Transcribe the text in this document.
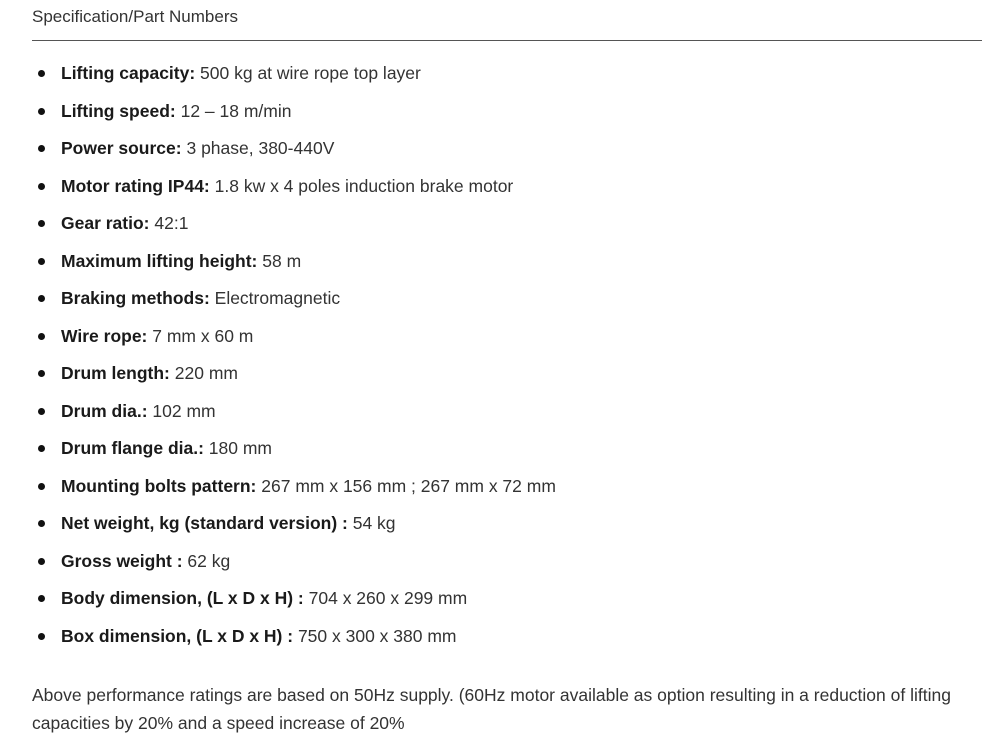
Specification/Part Numbers
Lifting capacity: 500 kg at wire rope top layer
Lifting speed: 12 – 18 m/min
Power source: 3 phase, 380-440V
Motor rating IP44: 1.8 kw x 4 poles induction brake motor
Gear ratio: 42:1
Maximum lifting height: 58 m
Braking methods: Electromagnetic
Wire rope: 7 mm x 60 m
Drum length: 220 mm
Drum dia.: 102 mm
Drum flange dia.: 180 mm
Mounting bolts pattern: 267 mm x 156 mm ; 267 mm x 72 mm
Net weight, kg (standard version) : 54 kg
Gross weight : 62 kg
Body dimension, (L x D x H) : 704 x 260 x 299 mm
Box dimension, (L x D x H) : 750 x 300 x 380 mm

Above performance ratings are based on 50Hz supply. (60Hz motor available as option resulting in a reduction of lifting capacities by 20% and a speed increase of 20%
